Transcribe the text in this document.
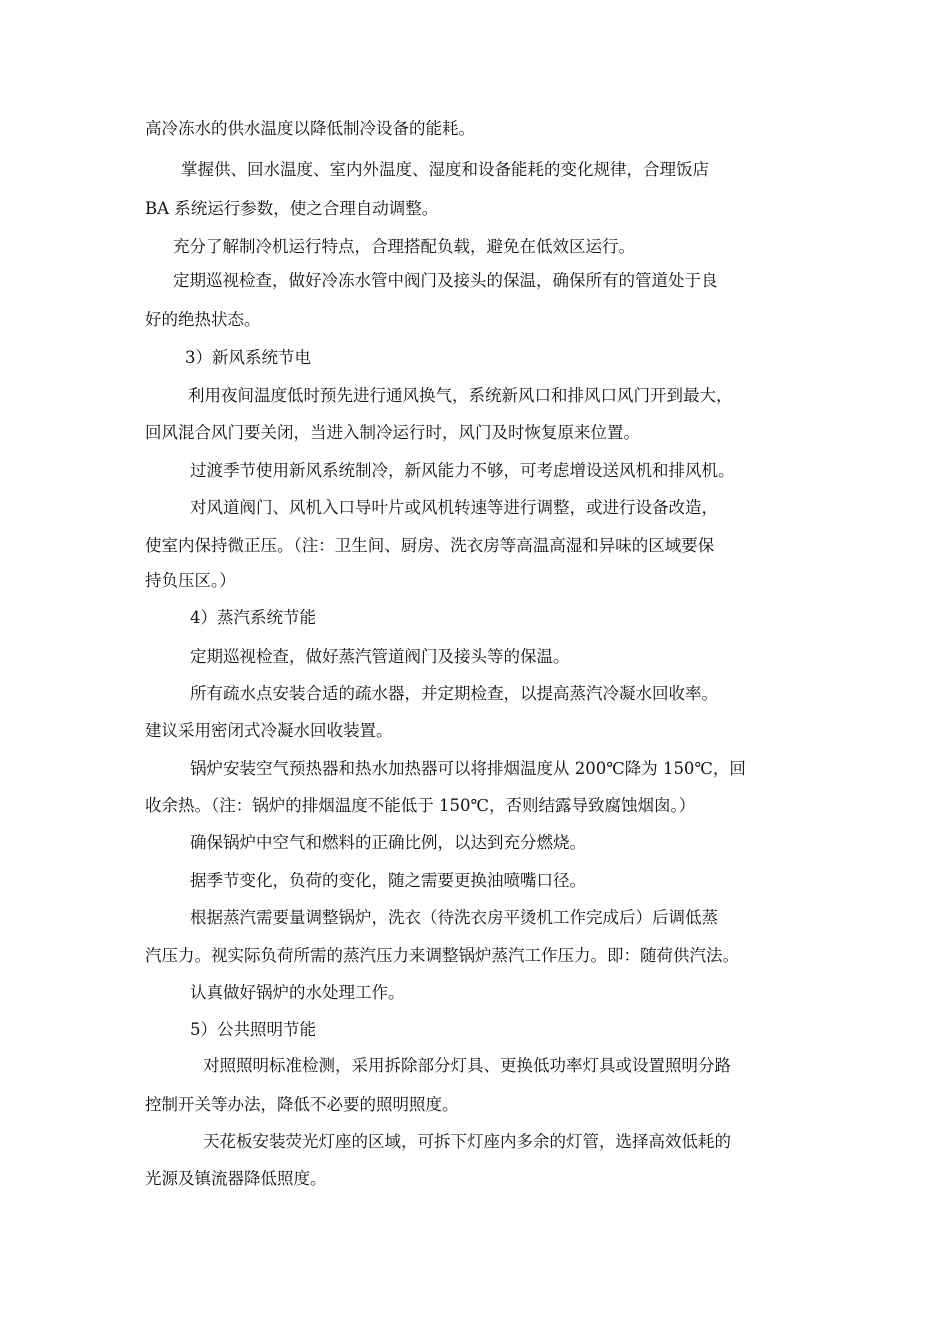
高冷冻水的供水温度以降低制冷设备的能耗。
掌握供、回水温度、室内外温度、湿度和设备能耗的变化规律，合理饭店
BA 系统运行参数，使之合理自动调整。
充分了解制冷机运行特点，合理搭配负载，避免在低效区运行。
定期巡视检查，做好冷冻水管中阀门及接头的保温，确保所有的管道处于良
好的绝热状态。
3）新风系统节电
利用夜间温度低时预先进行通风换气，系统新风口和排风口风门开到最大，
回风混合风门要关闭，当进入制冷运行时，风门及时恢复原来位置。
过渡季节使用新风系统制冷，新风能力不够，可考虑增设送风机和排风机。
对风道阀门、风机入口导叶片或风机转速等进行调整，或进行设备改造，
使室内保持微正压。（注：卫生间、厨房、洗衣房等高温高湿和异味的区域要保
持负压区。）
4）蒸汽系统节能
定期巡视检查，做好蒸汽管道阀门及接头等的保温。
所有疏水点安装合适的疏水器，并定期检查，以提高蒸汽冷凝水回收率。
建议采用密闭式冷凝水回收装置。
锅炉安装空气预热器和热水加热器可以将排烟温度从 200℃降为 150℃，回
收余热。（注：锅炉的排烟温度不能低于 150℃，否则结露导致腐蚀烟囱。）
确保锅炉中空气和燃料的正确比例，以达到充分燃烧。
据季节变化，负荷的变化，随之需要更换油喷嘴口径。
根据蒸汽需要量调整锅炉，洗衣（待洗衣房平烫机工作完成后）后调低蒸
汽压力。视实际负荷所需的蒸汽压力来调整锅炉蒸汽工作压力。即：随荷供汽法。
认真做好锅炉的水处理工作。
5）公共照明节能
对照照明标准检测，采用拆除部分灯具、更换低功率灯具或设置照明分路
控制开关等办法，降低不必要的照明照度。
天花板安装荧光灯座的区域，可拆下灯座内多余的灯管，选择高效低耗的
光源及镇流器降低照度。
